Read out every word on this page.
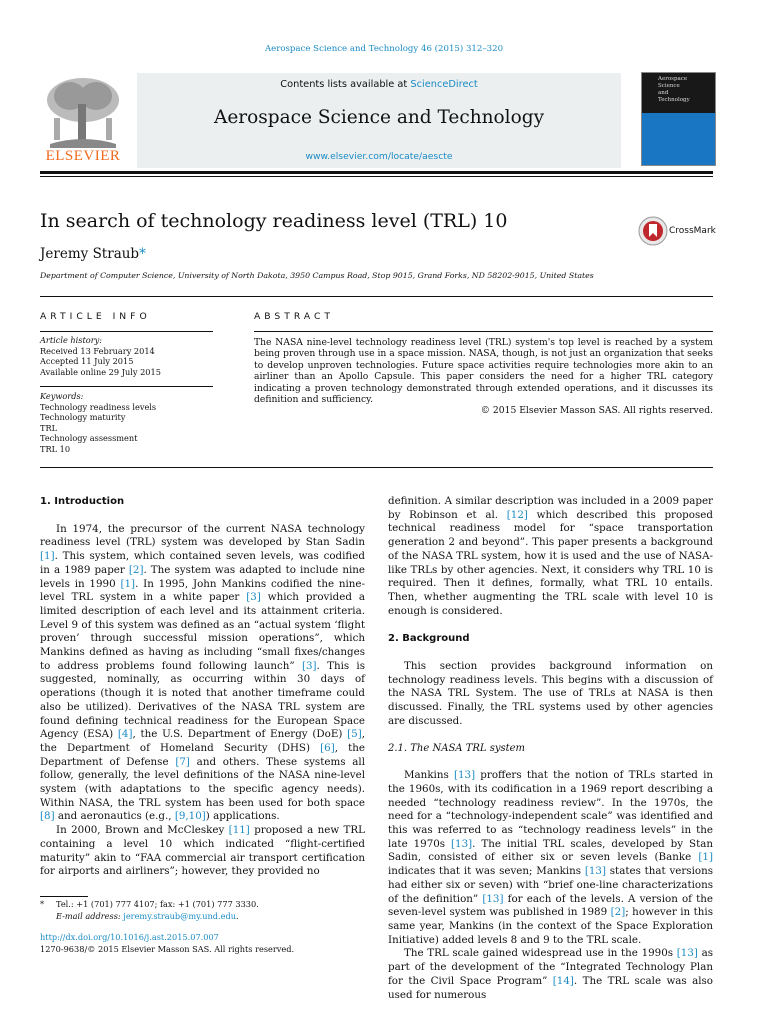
Aerospace Science and Technology 46 (2015) 312–320
ELSEVIER
Contents lists available at ScienceDirect
Aerospace Science and Technology
www.elsevier.com/locate/aescte
Aerospace
Science
and
Technology
In search of technology readiness level (TRL) 10	CrossMark
Jeremy Straub*
Department of Computer Science, University of North Dakota, 3950 Campus Road, Stop 9015, Grand Forks, ND 58202-9015, United States
ARTICLE INFO	ABSTRACT
Article history:
Received 13 February 2014
Accepted 11 July 2015
Available online 29 July 2015
Keywords:
Technology readiness levels
Technology maturity
TRL
Technology assessment
TRL 10
The NASA nine-level technology readiness level (TRL) system's top level is reached by a system being proven through use in a space mission. NASA, though, is not just an organization that seeks to develop unproven technologies. Future space activities require technologies more akin to an airliner than an Apollo Capsule. This paper considers the need for a higher TRL category indicating a proven technology demonstrated through extended operations, and it discusses its definition and sufficiency.
© 2015 Elsevier Masson SAS. All rights reserved.
1. Introduction

In 1974, the precursor of the current NASA technology readiness level (TRL) system was developed by Stan Sadin [1]. This system, which contained seven levels, was codified in a 1989 paper [2]. The system was adapted to include nine levels in 1990 [1]. In 1995, John Mankins codified the nine-level TRL system in a white paper [3] which provided a limited description of each level and its attainment criteria. Level 9 of this system was defined as an “actual system ‘flight proven’ through successful mission operations”, which Mankins defined as having as including “small fixes/changes to address problems found following launch” [3]. This is suggested, nominally, as occurring within 30 days of operations (though it is noted that another timeframe could also be utilized). Derivatives of the NASA TRL system are found defining technical readiness for the European Space Agency (ESA) [4], the U.S. Department of Energy (DoE) [5], the Department of Homeland Security (DHS) [6], the Department of Defense [7] and others. These systems all follow, generally, the level definitions of the NASA nine-level system (with adaptations to the specific agency needs). Within NASA, the TRL system has been used for both space [8] and aeronautics (e.g., [9,10]) applications.

In 2000, Brown and McCleskey [11] proposed a new TRL containing a level 10 which indicated “flight-certified maturity” akin to “FAA commercial air transport certification for airports and airliners”; however, they provided no

definition. A similar description was included in a 2009 paper by Robinson et al. [12] which described this proposed technical readiness model for “space transportation generation 2 and beyond”. This paper presents a background of the NASA TRL system, how it is used and the use of NASA-like TRLs by other agencies. Next, it considers why TRL 10 is required. Then it defines, formally, what TRL 10 entails. Then, whether augmenting the TRL scale with level 10 is enough is considered.

2. Background

This section provides background information on technology readiness levels. This begins with a discussion of the NASA TRL System. The use of TRLs at NASA is then discussed. Finally, the TRL systems used by other agencies are discussed.

2.1. The NASA TRL system

Mankins [13] proffers that the notion of TRLs started in the 1960s, with its codification in a 1969 report describing a needed “technology readiness review”. In the 1970s, the need for a “technology-independent scale” was identified and this was referred to as “technology readiness levels” in the late 1970s [13]. The initial TRL scales, developed by Stan Sadin, consisted of either six or seven levels (Banke [1] indicates that it was seven; Mankins [13] states that versions had either six or seven) with “brief one-line characterizations of the definition” [13] for each of the levels. A version of the seven-level system was published in 1989 [2]; however in this same year, Mankins (in the context of the Space Exploration Initiative) added levels 8 and 9 to the TRL scale.

The TRL scale gained widespread use in the 1990s [13] as part of the development of the “Integrated Technology Plan for the Civil Space Program” [14]. The TRL scale was also used for numerous

* Tel.: +1 (701) 777 4107; fax: +1 (701) 777 3330.
E-mail address: jeremy.straub@my.und.edu.
http://dx.doi.org/10.1016/j.ast.2015.07.007
1270-9638/© 2015 Elsevier Masson SAS. All rights reserved.
